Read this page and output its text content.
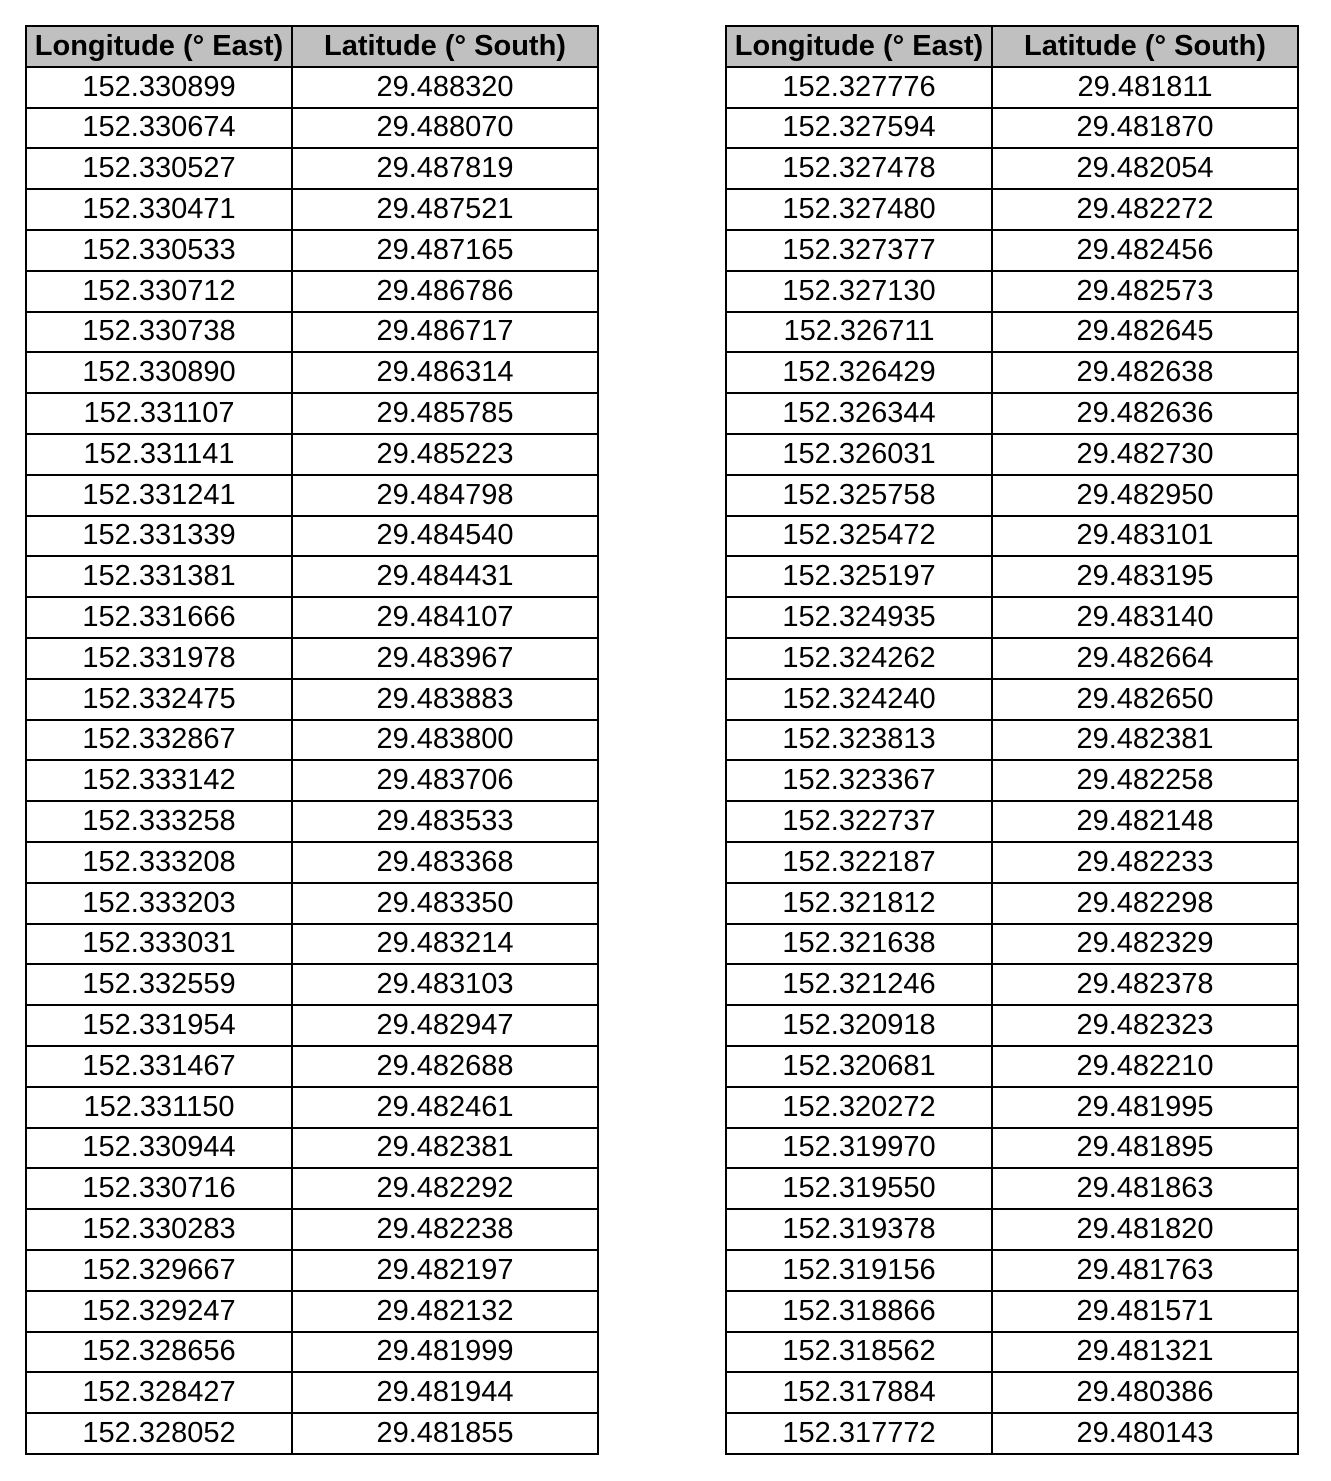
Longitude (° East)	Latitude (° South)
152.330899	29.488320
152.330674	29.488070
152.330527	29.487819
152.330471	29.487521
152.330533	29.487165
152.330712	29.486786
152.330738	29.486717
152.330890	29.486314
152.331107	29.485785
152.331141	29.485223
152.331241	29.484798
152.331339	29.484540
152.331381	29.484431
152.331666	29.484107
152.331978	29.483967
152.332475	29.483883
152.332867	29.483800
152.333142	29.483706
152.333258	29.483533
152.333208	29.483368
152.333203	29.483350
152.333031	29.483214
152.332559	29.483103
152.331954	29.482947
152.331467	29.482688
152.331150	29.482461
152.330944	29.482381
152.330716	29.482292
152.330283	29.482238
152.329667	29.482197
152.329247	29.482132
152.328656	29.481999
152.328427	29.481944
152.328052	29.481855
Longitude (° East)	Latitude (° South)
152.327776	29.481811
152.327594	29.481870
152.327478	29.482054
152.327480	29.482272
152.327377	29.482456
152.327130	29.482573
152.326711	29.482645
152.326429	29.482638
152.326344	29.482636
152.326031	29.482730
152.325758	29.482950
152.325472	29.483101
152.325197	29.483195
152.324935	29.483140
152.324262	29.482664
152.324240	29.482650
152.323813	29.482381
152.323367	29.482258
152.322737	29.482148
152.322187	29.482233
152.321812	29.482298
152.321638	29.482329
152.321246	29.482378
152.320918	29.482323
152.320681	29.482210
152.320272	29.481995
152.319970	29.481895
152.319550	29.481863
152.319378	29.481820
152.319156	29.481763
152.318866	29.481571
152.318562	29.481321
152.317884	29.480386
152.317772	29.480143
